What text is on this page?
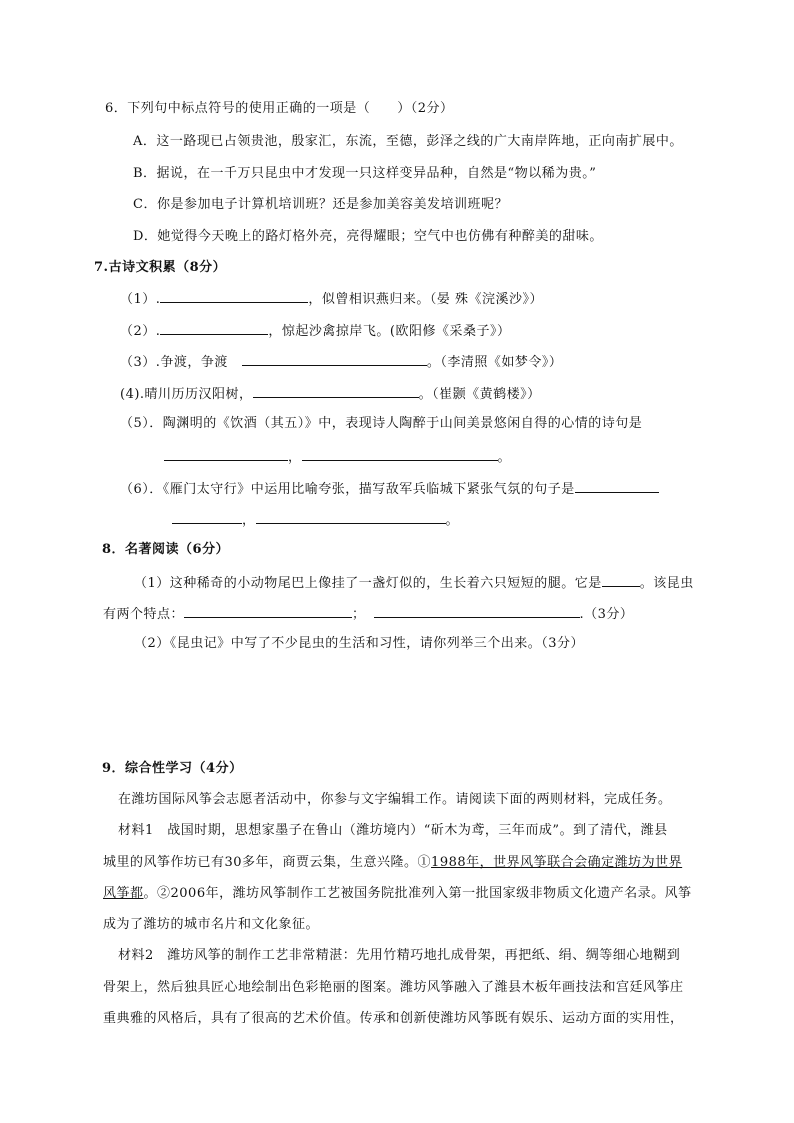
6．下列句中标点符号的使用正确的一项是（　　）（2分）
A．这一路现已占领贵池，殷家汇，东流，至德，彭泽之线的广大南岸阵地，正向南扩展中。
B．据说，在一千万只昆虫中才发现一只这样变异品种，自然是“物以稀为贵。”
C．你是参加电子计算机培训班？还是参加美容美发培训班呢？
D．她觉得今天晚上的路灯格外亮，亮得耀眼；空气中也仿佛有种醉美的甜味。
7.古诗文积累（8分）
（1）.	，似曾相识燕归来。（晏 殊《浣溪沙》）
（2）.	，惊起沙禽掠岸飞。(欧阳修《采桑子》）
（3）.争渡，争渡	。（李清照《如梦令》）
(4).晴川历历汉阳树，	。（崔颢《黄鹤楼》）
（5）．陶渊明的《饮酒（其五）》中，表现诗人陶醉于山间美景悠闲自得的心情的诗句是
，	。
（6）．《雁门太守行》中运用比喻夸张，描写敌军兵临城下紧张气氛的句子是
，	。
8．名著阅读（6分）
（1）这种稀奇的小动物尾巴上像挂了一盏灯似的，生长着六只短短的腿。它是	。该昆虫
有两个特点：	；	.（3分）
（2）《昆虫记》中写了不少昆虫的生活和习性，请你列举三个出来。（3分）
9．综合性学习（4分）
在潍坊国际风筝会志愿者活动中，你参与文字编辑工作。请阅读下面的两则材料，完成任务。
材料1　战国时期，思想家墨子在鲁山（潍坊境内）“斫木为鸢，三年而成”。到了清代，潍县
城里的风筝作坊已有30多年，商贾云集，生意兴隆。①1988年，世界风筝联合会确定潍坊为世界
风筝都。②2006年，潍坊风筝制作工艺被国务院批准列入第一批国家级非物质文化遗产名录。风筝
成为了潍坊的城市名片和文化象征。
材料2　潍坊风筝的制作工艺非常精湛：先用竹精巧地扎成骨架，再把纸、绢、绸等细心地糊到
骨架上，然后独具匠心地绘制出色彩艳丽的图案。潍坊风筝融入了潍县木板年画技法和宫廷风筝庄
重典雅的风格后，具有了很高的艺术价值。传承和创新使潍坊风筝既有娱乐、运动方面的实用性，
